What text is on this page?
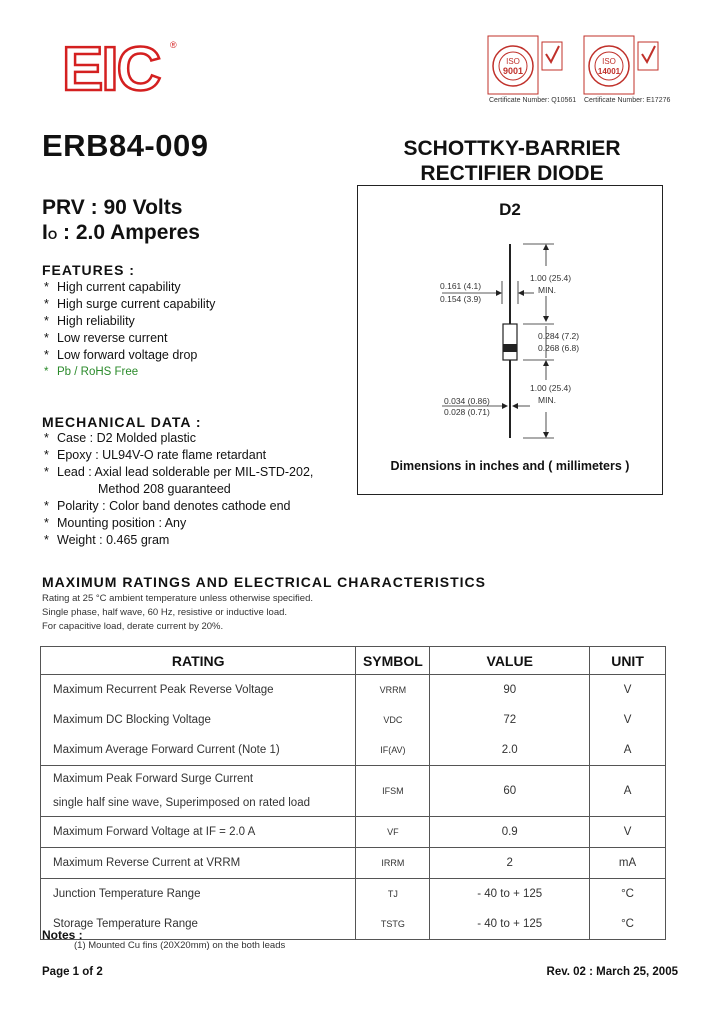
EIC ®
ISO
9001
Certificate Number: Q10561
ISO
14001
Certificate Number: E17276
ERB84-009	SCHOTTKY-BARRIER
RECTIFIER DIODE
PRV : 90 Volts
IO : 2.0 Amperes
FEATURES :
* High current capability
* High surge current capability
* High reliability
* Low reverse current
* Low forward voltage drop
* Pb / RoHS Free
MECHANICAL DATA :
* Case : D2 Molded plastic
* Epoxy : UL94V-O rate flame retardant
* Lead : Axial lead solderable per MIL-STD-202,
Method 208 guaranteed
* Polarity : Color band denotes cathode end
* Mounting position : Any
* Weight : 0.465 gram
D2
1.00 (25.4)
MIN.
0.161 (4.1)
0.154 (3.9)
0.284 (7.2)
0.268 (6.8)
0.034 (0.86)
0.028 (0.71)
1.00 (25.4)
MIN.
Dimensions in inches and ( millimeters )
MAXIMUM RATINGS AND ELECTRICAL CHARACTERISTICS
Rating at 25 °C ambient temperature unless otherwise specified.
Single phase, half wave, 60 Hz, resistive or inductive load.
For capacitive load, derate current by 20%.
RATING	SYMBOL	VALUE	UNIT
Maximum Recurrent Peak Reverse Voltage	VRRM	90	V
Maximum DC Blocking Voltage	VDC	72	V
Maximum Average Forward Current (Note 1)	IF(AV)	2.0	A

Maximum Peak Forward Surge Current
single half sine wave, Superimposed on rated load	IFSM	60	A
Maximum Forward Voltage at IF = 2.0 A	VF	0.9	V
Maximum Reverse Current at VRRM	IRRM	2	mA
Junction Temperature Range	TJ	- 40 to + 125	°C
Storage Temperature Range	TSTG	- 40 to + 125	°C
Notes :
(1) Mounted Cu fins (20X20mm) on the both leads
Page 1 of 2	Rev. 02 : March 25, 2005
